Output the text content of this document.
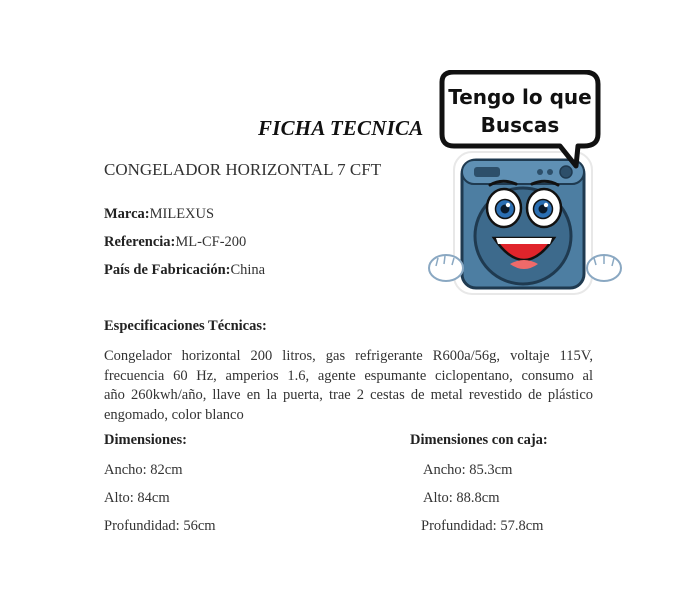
FICHA TECNICA
CONGELADOR HORIZONTAL 7 CFT
Marca:MILEXUS
Referencia:ML-CF-200
País de Fabricación:China
Especificaciones Técnicas:
Congelador horizontal 200 litros, gas refrigerante R600a/56g, voltaje 115V,
frecuencia 60 Hz, amperios 1.6, agente espumante ciclopentano, consumo al
año 260kwh/año, llave en la puerta, trae 2 cestas de metal revestido de plástico
engomado, color blanco
Dimensiones:
Ancho: 82cm
Alto: 84cm
Profundidad: 56cm
Dimensiones con caja:
Ancho: 85.3cm
Alto: 88.8cm
Profundidad: 57.8cm
Tengo lo que
Buscas
